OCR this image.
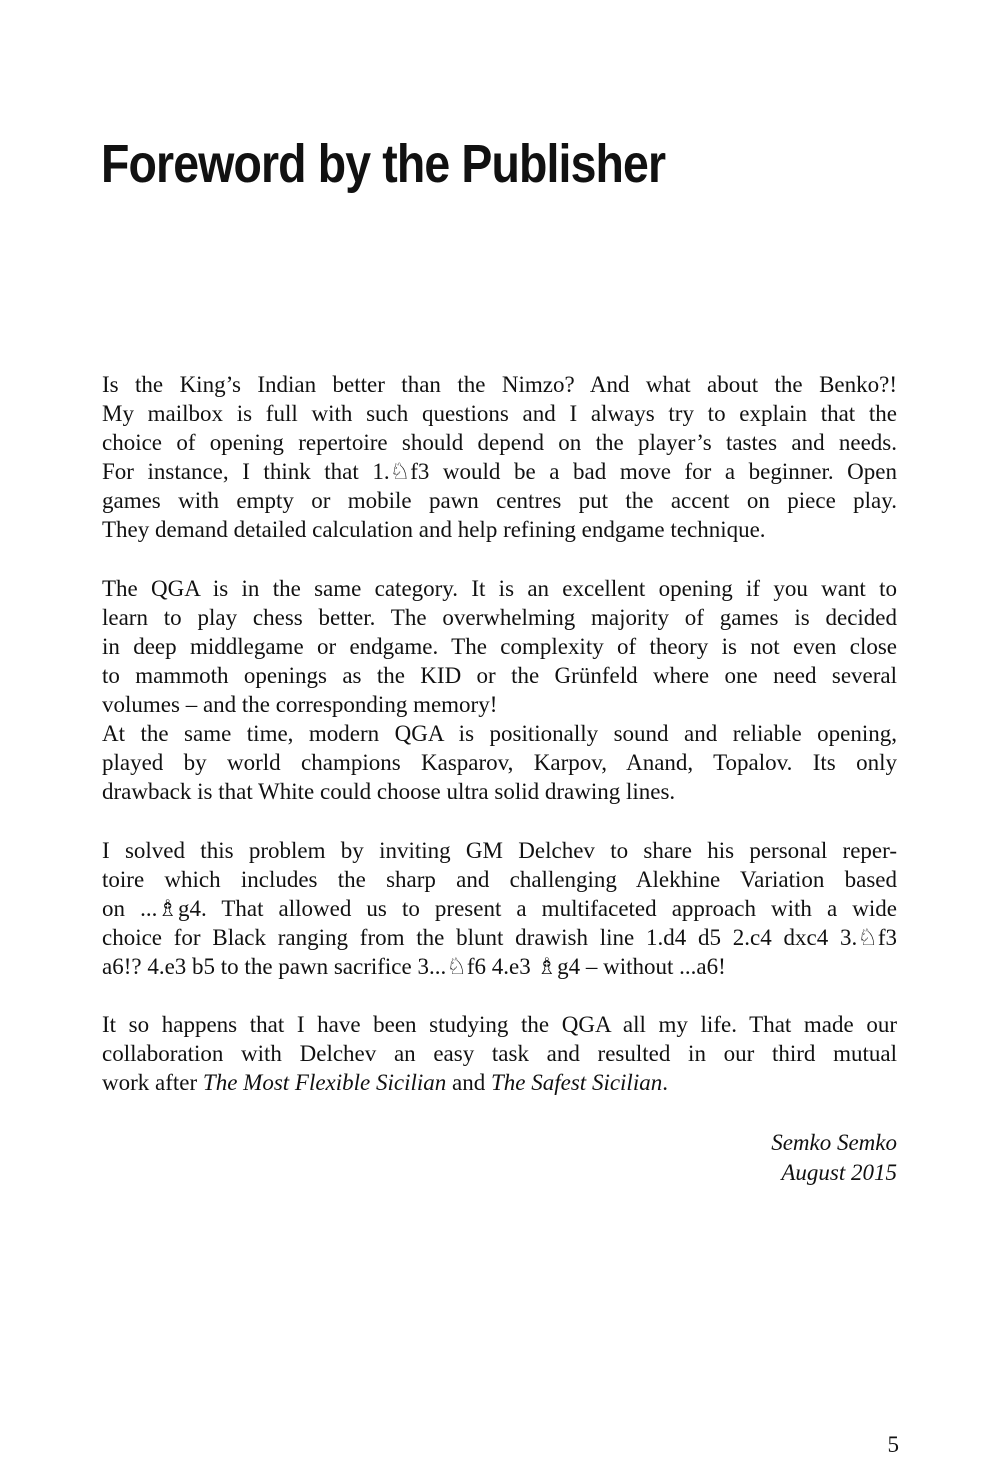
Foreword by the Publisher

Is the King’s Indian better than the Nimzo? And what about the Benko?!
My mailbox is full with such questions and I always try to explain that the
choice of opening repertoire should depend on the player’s tastes and needs.
For instance, I think that 1.♘f3 would be a bad move for a beginner. Open
games with empty or mobile pawn centres put the accent on piece play.
They demand detailed calculation and help refining endgame technique.

The QGA is in the same category. It is an excellent opening if you want to
learn to play chess better. The overwhelming majority of games is decided
in deep middlegame or endgame. The complexity of theory is not even close
to mammoth openings as the KID or the Grünfeld where one need several
volumes – and the corresponding memory!

At the same time, modern QGA is positionally sound and reliable opening,
played by world champions Kasparov, Karpov, Anand, Topalov. Its only
drawback is that White could choose ultra solid drawing lines.

I solved this problem by inviting GM Delchev to share his personal reper-
toire which includes the sharp and challenging Alekhine Variation based
on ...♗g4. That allowed us to present a multifaceted approach with a wide
choice for Black ranging from the blunt drawish line 1.d4 d5 2.c4 dxc4 3.♘f3
a6!? 4.e3 b5 to the pawn sacrifice 3...♘f6 4.e3 ♗g4 – without ...a6!

It so happens that I have been studying the QGA all my life. That made our
collaboration with Delchev an easy task and resulted in our third mutual
work after The Most Flexible Sicilian and The Safest Sicilian.

Semko Semko
August 2015
5
